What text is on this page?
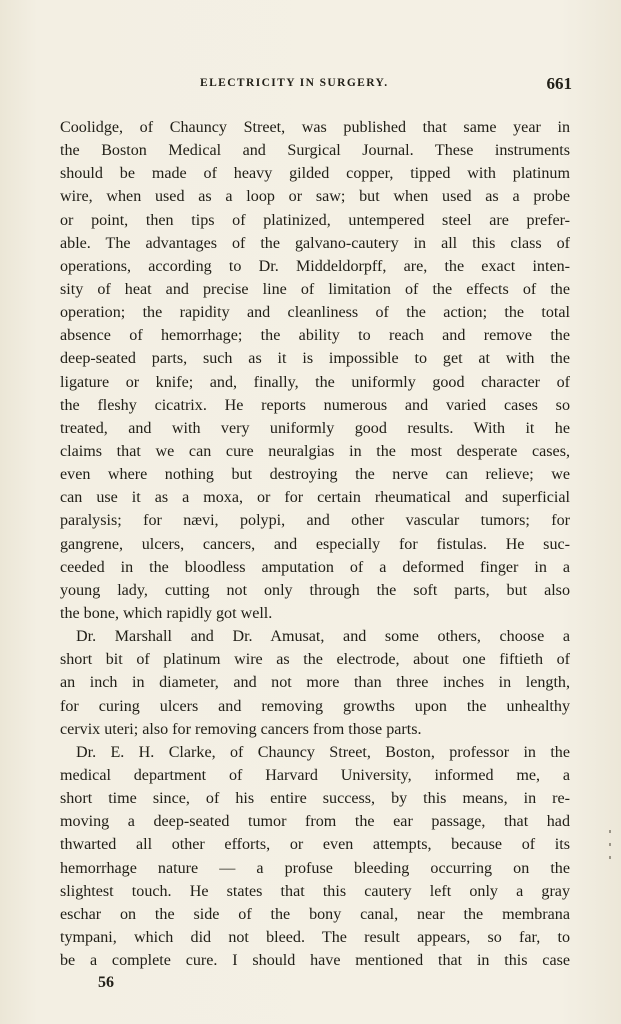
ELECTRICITY IN SURGERY.	661
Coolidge, of Chauncy Street, was published that same year in
the Boston Medical and Surgical Journal. These instruments
should be made of heavy gilded copper, tipped with platinum
wire, when used as a loop or saw; but when used as a probe
or point, then tips of platinized, untempered steel are prefer-
able. The advantages of the galvano-cautery in all this class of
operations, according to Dr. Middeldorpff, are, the exact inten-
sity of heat and precise line of limitation of the effects of the
operation; the rapidity and cleanliness of the action; the total
absence of hemorrhage; the ability to reach and remove the
deep-seated parts, such as it is impossible to get at with the
ligature or knife; and, finally, the uniformly good character of
the fleshy cicatrix. He reports numerous and varied cases so
treated, and with very uniformly good results. With it he
claims that we can cure neuralgias in the most desperate cases,
even where nothing but destroying the nerve can relieve; we
can use it as a moxa, or for certain rheumatical and superficial
paralysis; for nævi, polypi, and other vascular tumors; for
gangrene, ulcers, cancers, and especially for fistulas. He suc-
ceeded in the bloodless amputation of a deformed finger in a
young lady, cutting not only through the soft parts, but also
the bone, which rapidly got well.
Dr. Marshall and Dr. Amusat, and some others, choose a
short bit of platinum wire as the electrode, about one fiftieth of
an inch in diameter, and not more than three inches in length,
for curing ulcers and removing growths upon the unhealthy
cervix uteri; also for removing cancers from those parts.
Dr. E. H. Clarke, of Chauncy Street, Boston, professor in the
medical department of Harvard University, informed me, a
short time since, of his entire success, by this means, in re-
moving a deep-seated tumor from the ear passage, that had
thwarted all other efforts, or even attempts, because of its
hemorrhage nature — a profuse bleeding occurring on the
slightest touch. He states that this cautery left only a gray
eschar on the side of the bony canal, near the membrana
tympani, which did not bleed. The result appears, so far, to
be a complete cure. I should have mentioned that in this case
56
